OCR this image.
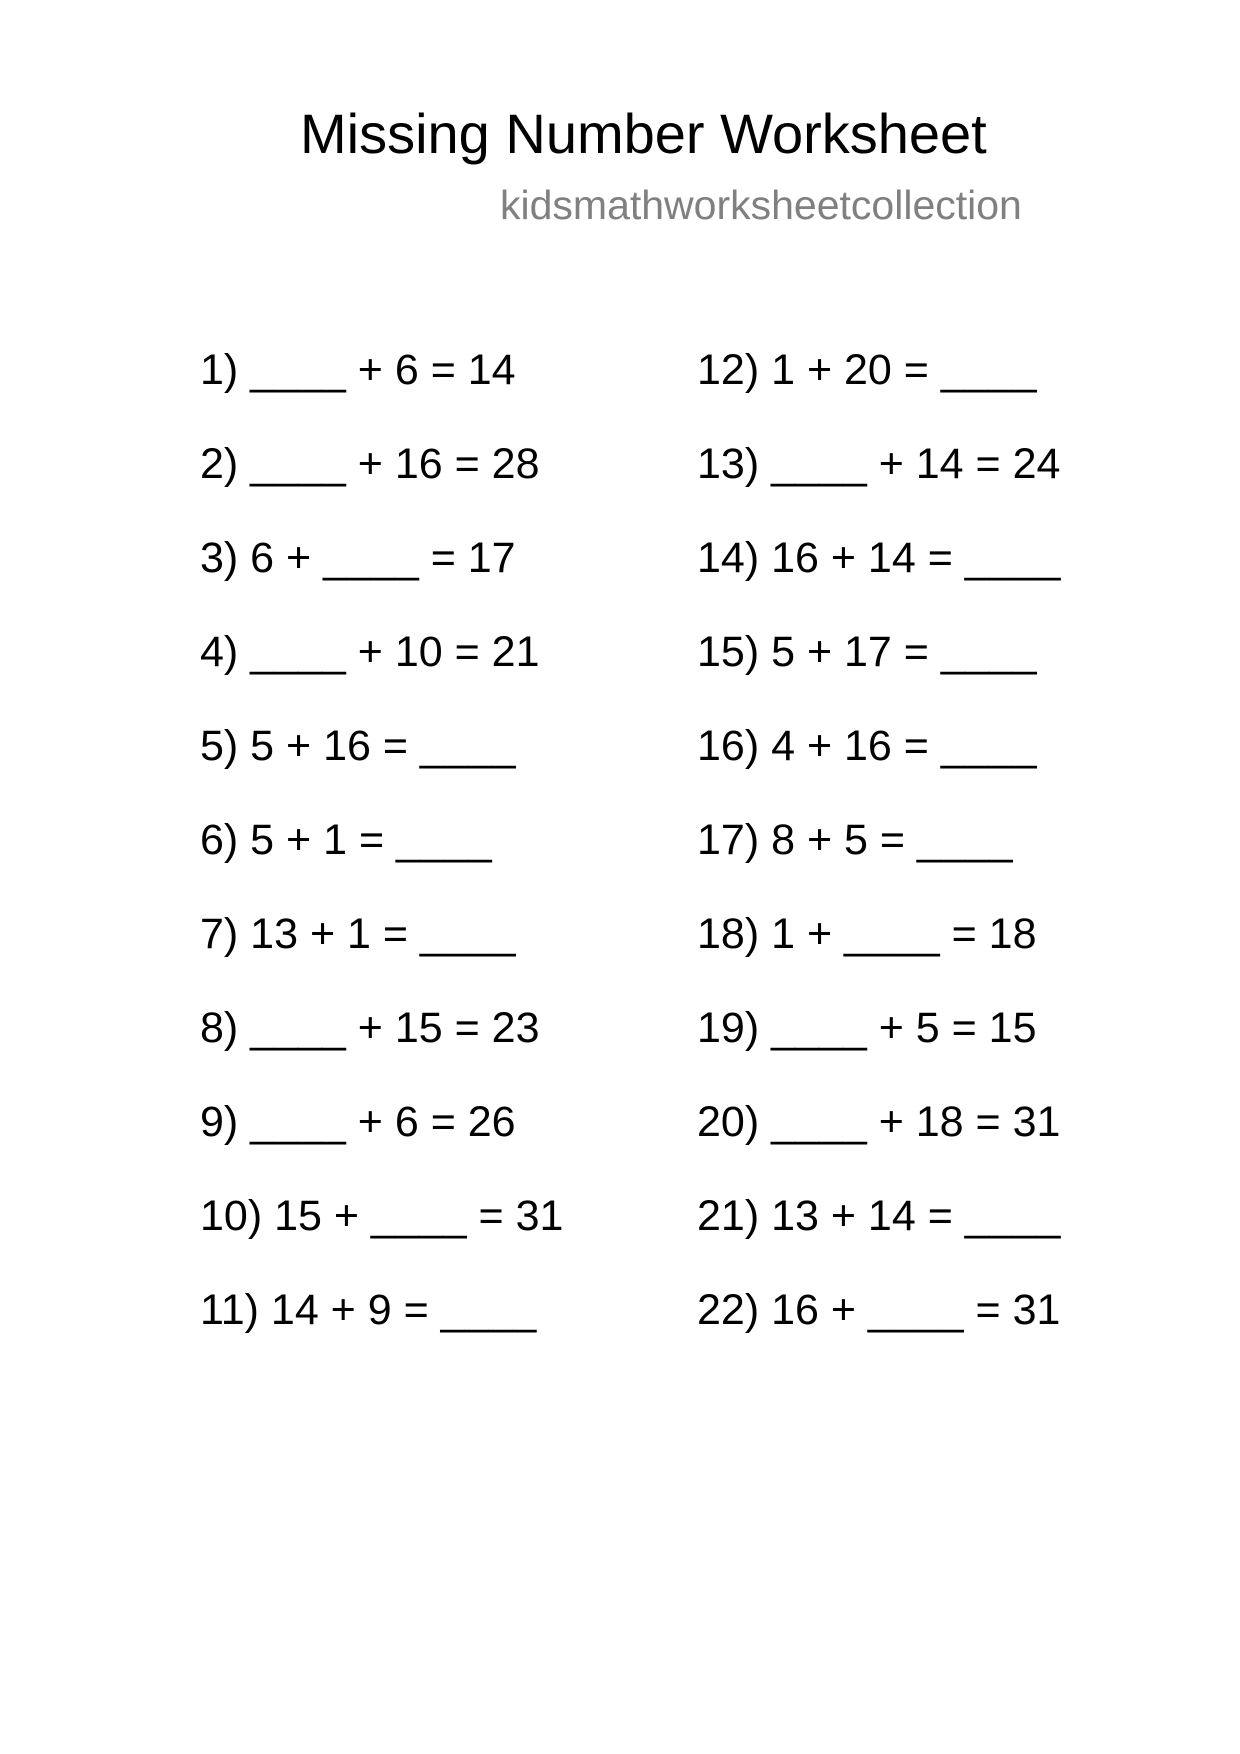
Missing Number Worksheet
kidsmathworksheetcollection
1) ____ + 6 = 14
2) ____ + 16 = 28
3) 6 + ____ = 17
4) ____ + 10 = 21
5) 5 + 16 = ____
6) 5 + 1 = ____
7) 13 + 1 = ____
8) ____ + 15 = 23
9) ____ + 6 = 26
10) 15 + ____ = 31
11) 14 + 9 = ____
12) 1 + 20 = ____
13) ____ + 14 = 24
14) 16 + 14 = ____
15) 5 + 17 = ____
16) 4 + 16 = ____
17) 8 + 5 = ____
18) 1 + ____ = 18
19) ____ + 5 = 15
20) ____ + 18 = 31
21) 13 + 14 = ____
22) 16 + ____ = 31
